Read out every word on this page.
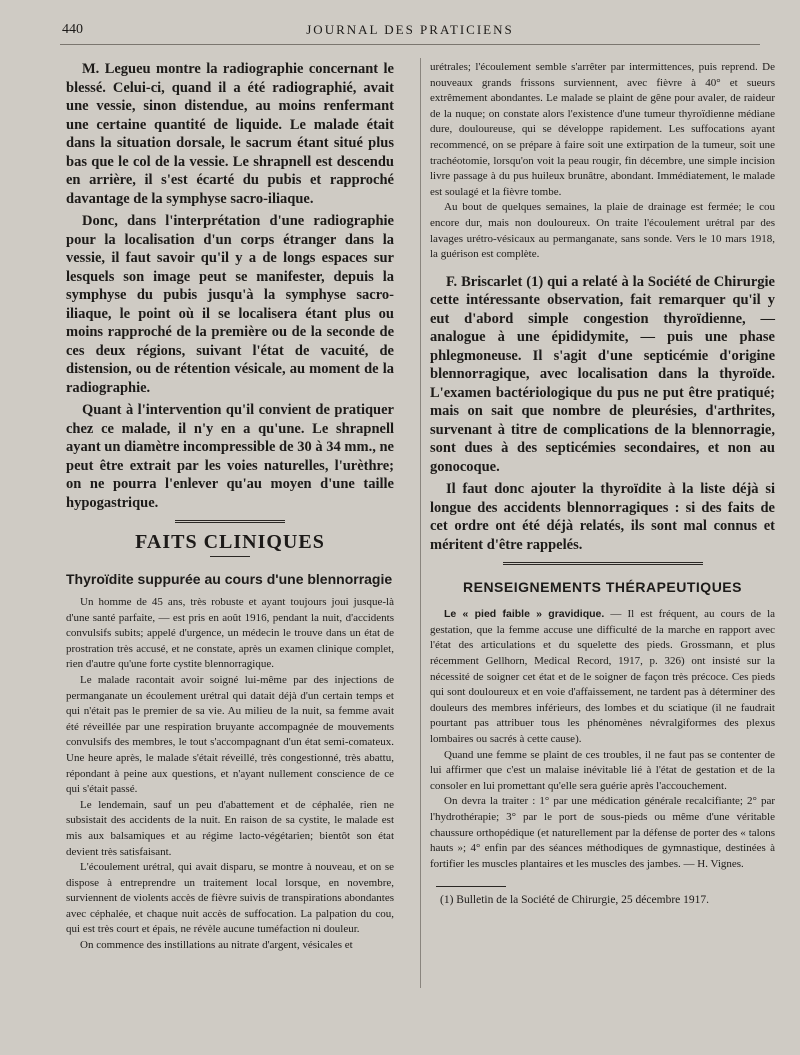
440	JOURNAL DES PRATICIENS

M. Legueu montre la radiographie concernant le blessé. Celui-ci, quand il a été radiographié, avait une vessie, sinon distendue, au moins renfermant une certaine quantité de liquide. Le malade était dans la situation dorsale, le sacrum étant situé plus bas que le col de la vessie. Le shrapnell est descendu en arrière, il s'est écarté du pubis et rapproché davantage de la symphyse sacro-iliaque.

Donc, dans l'interprétation d'une radiographie pour la localisation d'un corps étranger dans la vessie, il faut savoir qu'il y a de longs espaces sur lesquels son image peut se manifester, depuis la symphyse du pubis jusqu'à la symphyse sacro-iliaque, le point où il se localisera étant plus ou moins rapproché de la première ou de la seconde de ces deux régions, suivant l'état de vacuité, de distension, ou de rétention vésicale, au moment de la radiographie.

Quant à l'intervention qu'il convient de pratiquer chez ce malade, il n'y en a qu'une. Le shrapnell ayant un diamètre incompressible de 30 à 34 mm., ne peut être extrait par les voies naturelles, l'urèthre; on ne pourra l'enlever qu'au moyen d'une taille hypogastrique.

FAITS CLINIQUES
Thyroïdite suppurée au cours d'une blennorragie

Un homme de 45 ans, très robuste et ayant toujours joui jusque-là d'une santé parfaite, — est pris en août 1916, pendant la nuit, d'accidents convulsifs subits; appelé d'urgence, un médecin le trouve dans un état de prostration très accusé, et ne constate, après un examen clinique complet, rien d'autre qu'une forte cystite blennorragique.

Le malade racontait avoir soigné lui-même par des injections de permanganate un écoulement urétral qui datait déjà d'un certain temps et qui n'était pas le premier de sa vie. Au milieu de la nuit, sa femme avait été réveillée par une respiration bruyante accompagnée de mouvements convulsifs des membres, le tout s'accompagnant d'un état semi-comateux. Une heure après, le malade s'était réveillé, très congestionné, très abattu, répondant à peine aux questions, et n'ayant nullement conscience de ce qui s'était passé.

Le lendemain, sauf un peu d'abattement et de céphalée, rien ne subsistait des accidents de la nuit. En raison de sa cystite, le malade est mis aux balsamiques et au régime lacto-végétarien; bientôt son état devient très satisfaisant.

L'écoulement urétral, qui avait disparu, se montre à nouveau, et on se dispose à entreprendre un traitement local lorsque, en novembre, surviennent de violents accès de fièvre suivis de transpirations abondantes avec céphalée, et chaque nuit accès de suffocation. La palpation du cou, qui est très court et épais, ne révèle aucune tuméfaction ni douleur.

On commence des instillations au nitrate d'argent, vésicales et

urétrales; l'écoulement semble s'arrêter par intermittences, puis reprend. De nouveaux grands frissons surviennent, avec fièvre à 40° et sueurs extrêmement abondantes. Le malade se plaint de gêne pour avaler, de raideur de la nuque; on constate alors l'existence d'une tumeur thyroïdienne médiane dure, douloureuse, qui se développe rapidement. Les suffocations ayant recommencé, on se prépare à faire soit une extirpation de la tumeur, soit une trachéotomie, lorsqu'on voit la peau rougir, fin décembre, une simple incision livre passage à du pus huileux brunâtre, abondant. Immédiatement, le malade est soulagé et la fièvre tombe.

Au bout de quelques semaines, la plaie de drainage est fermée; le cou encore dur, mais non douloureux. On traite l'écoulement urétral par des lavages urétro-vésicaux au permanganate, sans sonde. Vers le 10 mars 1918, la guérison est complète.

F. Briscarlet (1) qui a relaté à la Société de Chirurgie cette intéressante observation, fait remarquer qu'il y eut d'abord simple congestion thyroïdienne, — analogue à une épididymite, — puis une phase phlegmoneuse. Il s'agit d'une septicémie d'origine blennorragique, avec localisation dans la thyroïde. L'examen bactériologique du pus ne put être pratiqué; mais on sait que nombre de pleurésies, d'arthrites, survenant à titre de complications de la blennorragie, sont dues à des septicémies secondaires, et non au gonocoque.

Il faut donc ajouter la thyroïdite à la liste déjà si longue des accidents blennorragiques : si des faits de cet ordre ont été déjà relatés, ils sont mal connus et méritent d'être rappelés.

RENSEIGNEMENTS THÉRAPEUTIQUES

Le « pied faible » gravidique. — Il est fréquent, au cours de la gestation, que la femme accuse une difficulté de la marche en rapport avec l'état des articulations et du squelette des pieds. Grossmann, et plus récemment Gellhorn, Medical Record, 1917, p. 326) ont insisté sur la nécessité de soigner cet état et de le soigner de façon très précoce. Ces pieds qui sont douloureux et en voie d'affaissement, ne tardent pas à déterminer des douleurs des membres inférieurs, des lombes et du sciatique (il ne faudrait pourtant pas attribuer tous les phénomènes névralgiformes des plexus lombaires ou sacrés à cette cause).

Quand une femme se plaint de ces troubles, il ne faut pas se contenter de lui affirmer que c'est un malaise inévitable lié à l'état de gestation et de la consoler en lui promettant qu'elle sera guérie après l'accouchement.

On devra la traiter : 1° par une médication générale recalcifiante; 2° par l'hydrothérapie; 3° par le port de sous-pieds ou même d'une véritable chaussure orthopédique (et naturellement par la défense de porter des « talons hauts »; 4° enfin par des séances méthodiques de gymnastique, destinées à fortifier les muscles plantaires et les muscles des jambes. — H. Vignes.

(1) Bulletin de la Société de Chirurgie, 25 décembre 1917.
